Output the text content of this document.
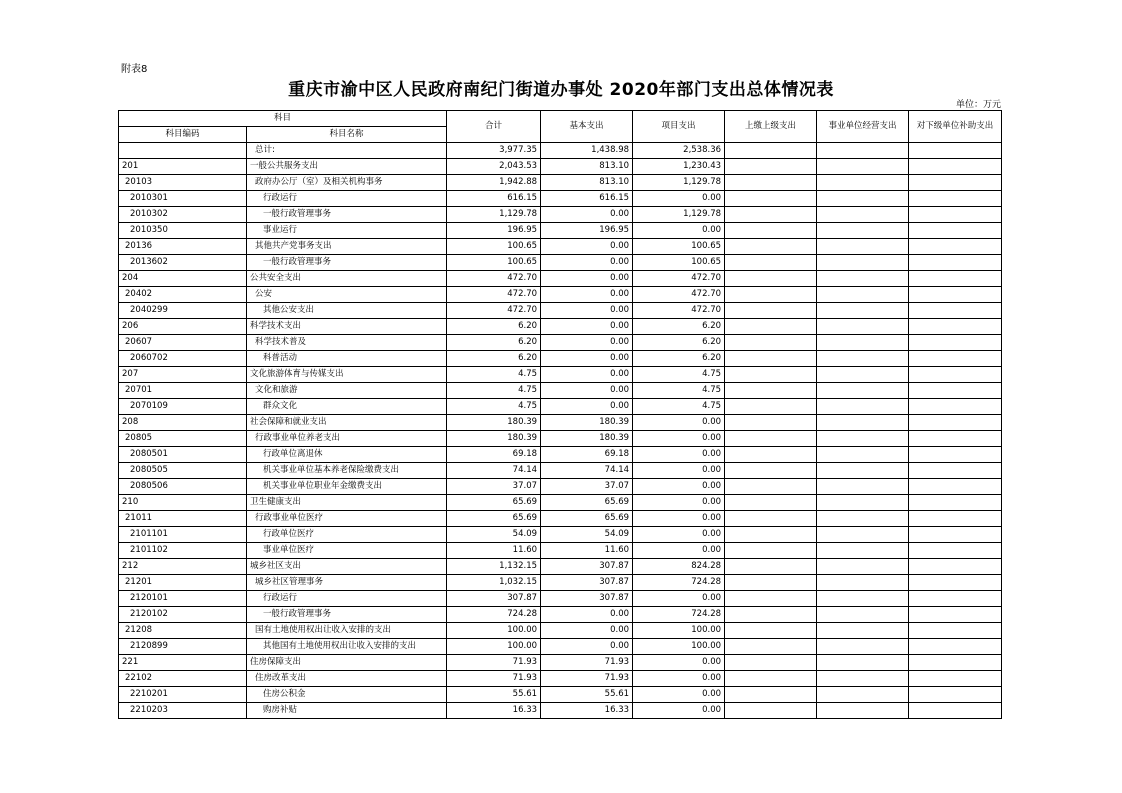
附表8
重庆市渝中区人民政府南纪门街道办事处 2020年部门支出总体情况表
单位：万元
科目		合计	基本支出	项目支出	上缴上级支出	事业单位经营支出	对下级单位补助支出
科目编码	科目名称						
	总计:	3,977.35	1,438.98	2,538.36			
201	一般公共服务支出	2,043.53	813.10	1,230.43			
20103	政府办公厅（室）及相关机构事务	1,942.88	813.10	1,129.78			
2010301	行政运行	616.15	616.15	0.00			
2010302	一般行政管理事务	1,129.78	0.00	1,129.78			
2010350	事业运行	196.95	196.95	0.00			
20136	其他共产党事务支出	100.65	0.00	100.65			
2013602	一般行政管理事务	100.65	0.00	100.65			
204	公共安全支出	472.70	0.00	472.70			
20402	公安	472.70	0.00	472.70			
2040299	其他公安支出	472.70	0.00	472.70			
206	科学技术支出	6.20	0.00	6.20			
20607	科学技术普及	6.20	0.00	6.20			
2060702	科普活动	6.20	0.00	6.20			
207	文化旅游体育与传媒支出	4.75	0.00	4.75			
20701	文化和旅游	4.75	0.00	4.75			
2070109	群众文化	4.75	0.00	4.75			
208	社会保障和就业支出	180.39	180.39	0.00			
20805	行政事业单位养老支出	180.39	180.39	0.00			
2080501	行政单位离退休	69.18	69.18	0.00			
2080505	机关事业单位基本养老保险缴费支出	74.14	74.14	0.00			
2080506	机关事业单位职业年金缴费支出	37.07	37.07	0.00			
210	卫生健康支出	65.69	65.69	0.00			
21011	行政事业单位医疗	65.69	65.69	0.00			
2101101	行政单位医疗	54.09	54.09	0.00			
2101102	事业单位医疗	11.60	11.60	0.00			
212	城乡社区支出	1,132.15	307.87	824.28			
21201	城乡社区管理事务	1,032.15	307.87	724.28			
2120101	行政运行	307.87	307.87	0.00			
2120102	一般行政管理事务	724.28	0.00	724.28			
21208	国有土地使用权出让收入安排的支出	100.00	0.00	100.00			
2120899	其他国有土地使用权出让收入安排的支出	100.00	0.00	100.00			
221	住房保障支出	71.93	71.93	0.00			
22102	住房改革支出	71.93	71.93	0.00			
2210201	住房公积金	55.61	55.61	0.00			
2210203	购房补贴	16.33	16.33	0.00			
